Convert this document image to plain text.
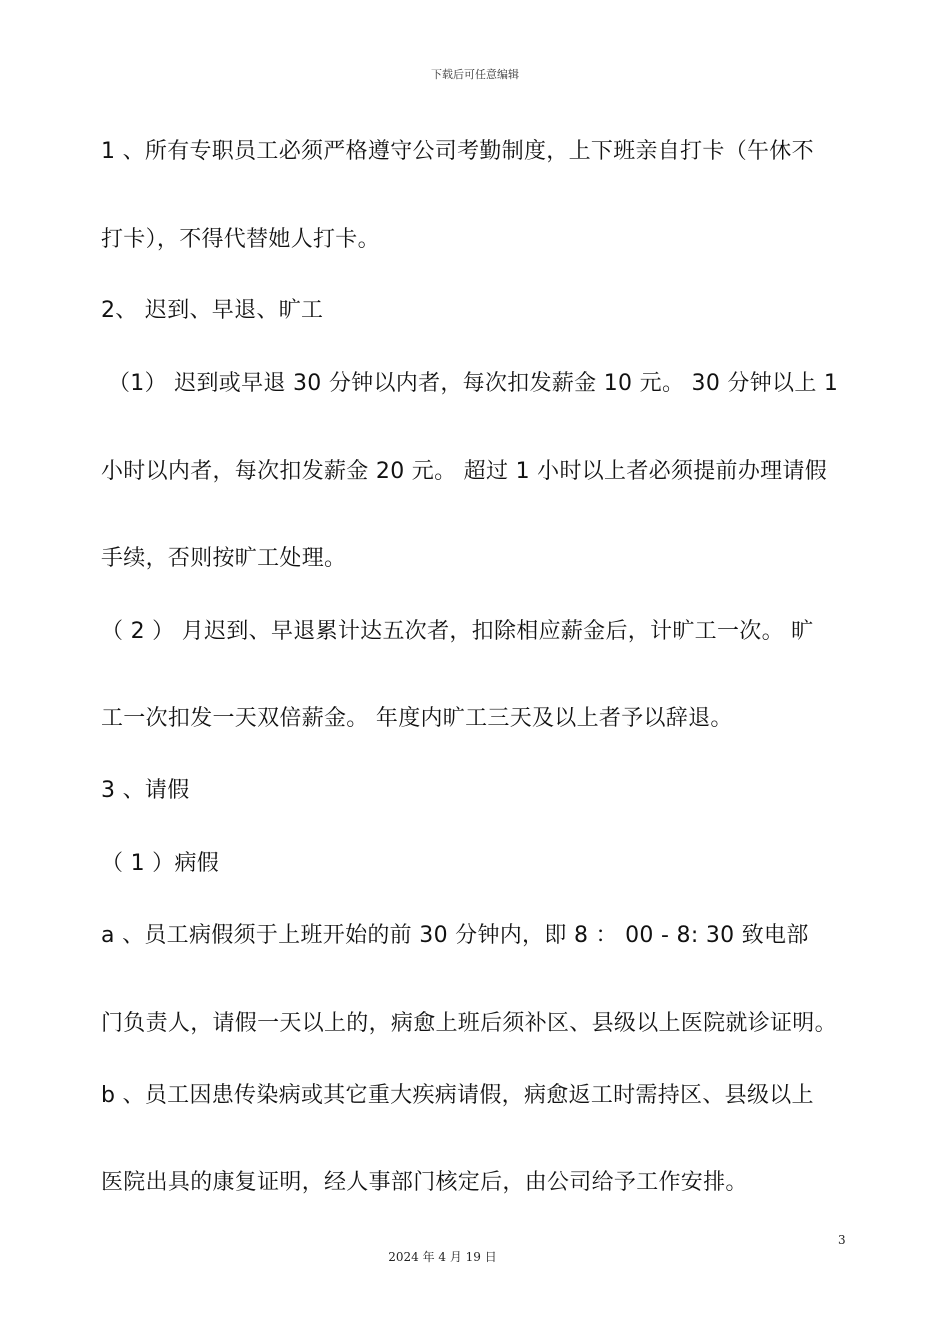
下载后可任意编辑
1 、所有专职员工必须严格遵守公司考勤制度，上下班亲自打卡（午休不
打卡），不得代替她人打卡。
2、 迟到、早退、旷工
（1） 迟到或早退 30 分钟以内者，每次扣发薪金 10 元。 30 分钟以上 1
小时以内者，每次扣发薪金 20 元。 超过 1 小时以上者必须提前办理请假
手续，否则按旷工处理。
（ 2 ） 月迟到、早退累计达五次者，扣除相应薪金后，计旷工一次。 旷
工一次扣发一天双倍薪金。 年度内旷工三天及以上者予以辞退。
3 、请假
（ 1 ）病假
a 、员工病假须于上班开始的前 30 分钟内，即 8 ： 00 - 8: 30 致电部
门负责人，请假一天以上的，病愈上班后须补区、县级以上医院就诊证明。
b 、员工因患传染病或其它重大疾病请假，病愈返工时需持区、县级以上
医院出具的康复证明，经人事部门核定后，由公司给予工作安排。
3
2024 年 4 月 19 日
